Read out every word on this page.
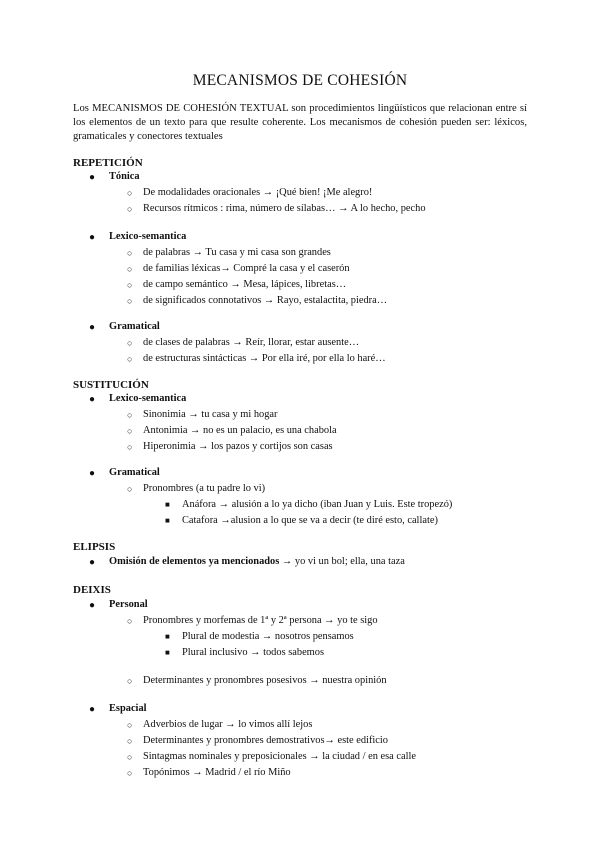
MECANISMOS DE COHESIÓN
Los MECANISMOS DE COHESIÓN TEXTUAL son procedimientos lingüísticos que relacionan entre sí los elementos de un texto para que resulte coherente. Los mecanismos de cohesión pueden ser: léxicos, gramaticales y conectores textuales
REPETICIÓN
● Tónica
○ De modalidades oracionales → ¡Qué bien! ¡Me alegro!
○ Recursos rítmicos : rima, número de sílabas… → A lo hecho, pecho
● Lexico-semantica
○ de palabras → Tu casa y mi casa son grandes
○ de familias léxicas→ Compré la casa y el caserón
○ de campo semántico → Mesa, lápices, libretas…
○ de significados connotativos → Rayo, estalactita, piedra…
● Gramatical
○ de clases de palabras → Reír, llorar, estar ausente…
○ de estructuras sintácticas → Por ella iré, por ella lo haré…
SUSTITUCIÓN
● Lexico-semantica
○ Sinonimia → tu casa y mi hogar
○ Antonimia → no es un palacio, es una chabola
○ Hiperonimia → los pazos y cortijos son casas
● Gramatical
○ Pronombres (a tu padre lo vi)
■ Anáfora → alusión a lo ya dicho (iban Juan y Luis. Este tropezó)
■ Catafora →alusion a lo que se va a decir (te diré esto, callate)
ELIPSIS
● Omisión de elementos ya mencionados → yo vi un bol; ella, una taza
DEIXIS
● Personal
○ Pronombres y morfemas de 1ª y 2ª persona → yo te sigo
■ Plural de modestia → nosotros pensamos
■ Plural inclusivo → todos sabemos
○ Determinantes y pronombres posesivos → nuestra opinión
● Espacial
○ Adverbios de lugar → lo vimos allí lejos
○ Determinantes y pronombres demostrativos→ este edificio
○ Sintagmas nominales y preposicionales → la ciudad / en esa calle
○ Topónimos → Madrid / el río Miño
